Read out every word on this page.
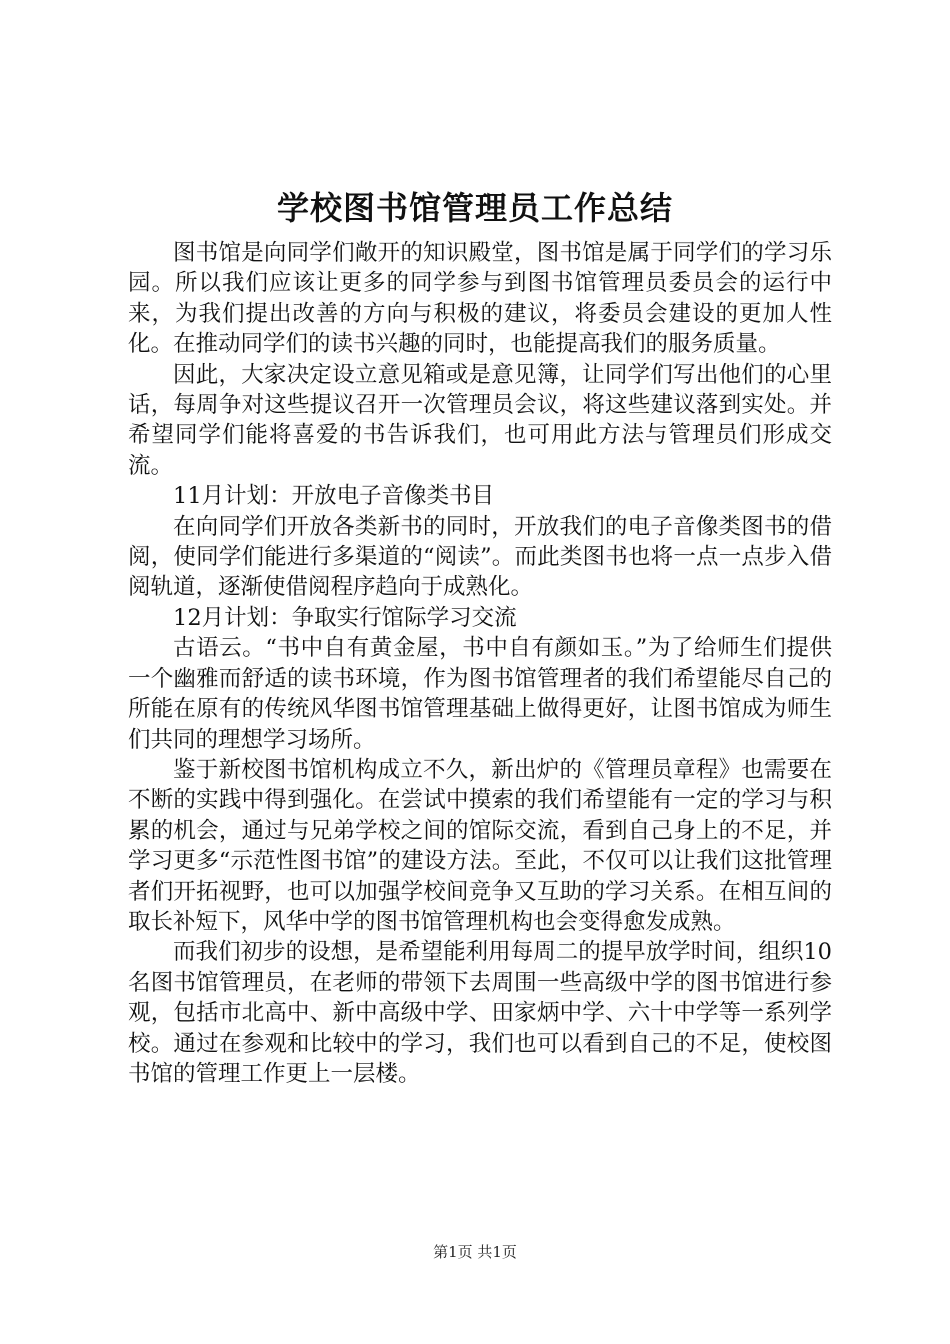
学校图书馆管理员工作总结

图书馆是向同学们敞开的知识殿堂，图书馆是属于同学们的学习乐园。所以我们应该让更多的同学参与到图书馆管理员委员会的运行中来，为我们提出改善的方向与积极的建议，将委员会建设的更加人性化。在推动同学们的读书兴趣的同时，也能提高我们的服务质量。

因此，大家决定设立意见箱或是意见簿，让同学们写出他们的心里话，每周争对这些提议召开一次管理员会议，将这些建议落到实处。并希望同学们能将喜爱的书告诉我们，也可用此方法与管理员们形成交流。

11月计划：开放电子音像类书目

在向同学们开放各类新书的同时，开放我们的电子音像类图书的借阅，使同学们能进行多渠道的“阅读”。而此类图书也将一点一点步入借阅轨道，逐渐使借阅程序趋向于成熟化。

12月计划：争取实行馆际学习交流

古语云。“书中自有黄金屋，书中自有颜如玉。”为了给师生们提供一个幽雅而舒适的读书环境，作为图书馆管理者的我们希望能尽自己的所能在原有的传统风华图书馆管理基础上做得更好，让图书馆成为师生们共同的理想学习场所。

鉴于新校图书馆机构成立不久，新出炉的《管理员章程》也需要在不断的实践中得到强化。在尝试中摸索的我们希望能有一定的学习与积累的机会，通过与兄弟学校之间的馆际交流，看到自己身上的不足，并学习更多“示范性图书馆”的建设方法。至此，不仅可以让我们这批管理者们开拓视野，也可以加强学校间竞争又互助的学习关系。在相互间的取长补短下，风华中学的图书馆管理机构也会变得愈发成熟。

而我们初步的设想，是希望能利用每周二的提早放学时间，组织10名图书馆管理员，在老师的带领下去周围一些高级中学的图书馆进行参观，包括市北高中、新中高级中学、田家炳中学、六十中学等一系列学校。通过在参观和比较中的学习，我们也可以看到自己的不足，使校图书馆的管理工作更上一层楼。

第1页 共1页
